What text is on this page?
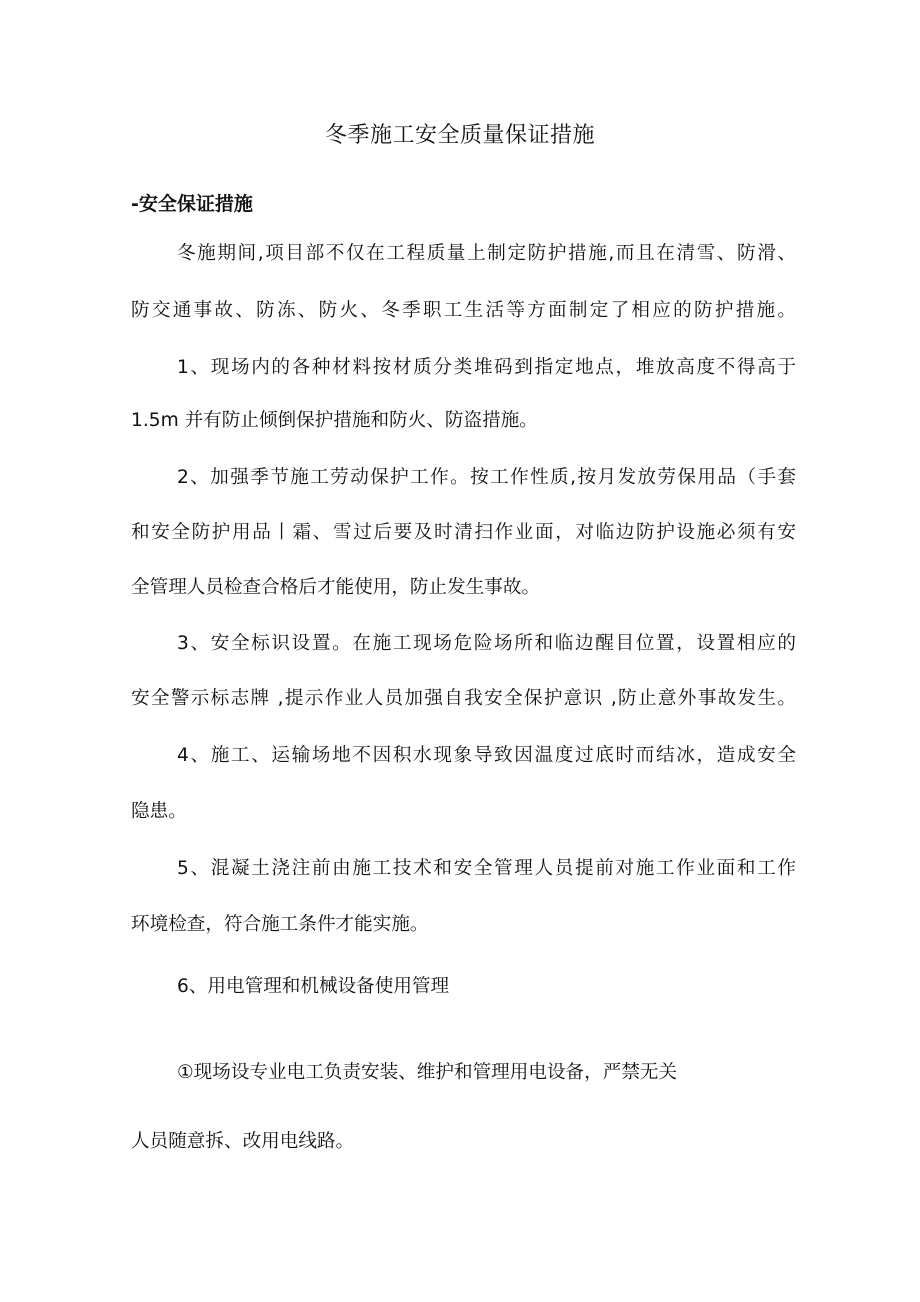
冬季施工安全质量保证措施
-安全保证措施
冬施期间,项目部不仅在工程质量上制定防护措施,而且在清雪、防滑、
防交通事故、防冻、防火、冬季职工生活等方面制定了相应的防护措施。
1、现场内的各种材料按材质分类堆码到指定地点，堆放高度不得高于
1.5m 并有防止倾倒保护措施和防火、防盗措施。
2、加强季节施工劳动保护工作。按工作性质,按月发放劳保用品（手套
和安全防护用品丨霜、雪过后要及时清扫作业面，对临边防护设施必须有安
全管理人员检查合格后才能使用，防止发生事故。
3、安全标识设置。在施工现场危险场所和临边醒目位置，设置相应的
安全警示标志牌 ,提示作业人员加强自我安全保护意识 ,防止意外事故发生。
4、施工、运输场地不因积水现象导致因温度过底时而结冰，造成安全
隐患。
5、混凝土浇注前由施工技术和安全管理人员提前对施工作业面和工作
环境检查，符合施工条件才能实施。
6、用电管理和机械设备使用管理
①现场设专业电工负责安装、维护和管理用电设备，严禁无关
人员随意拆、改用电线路。
